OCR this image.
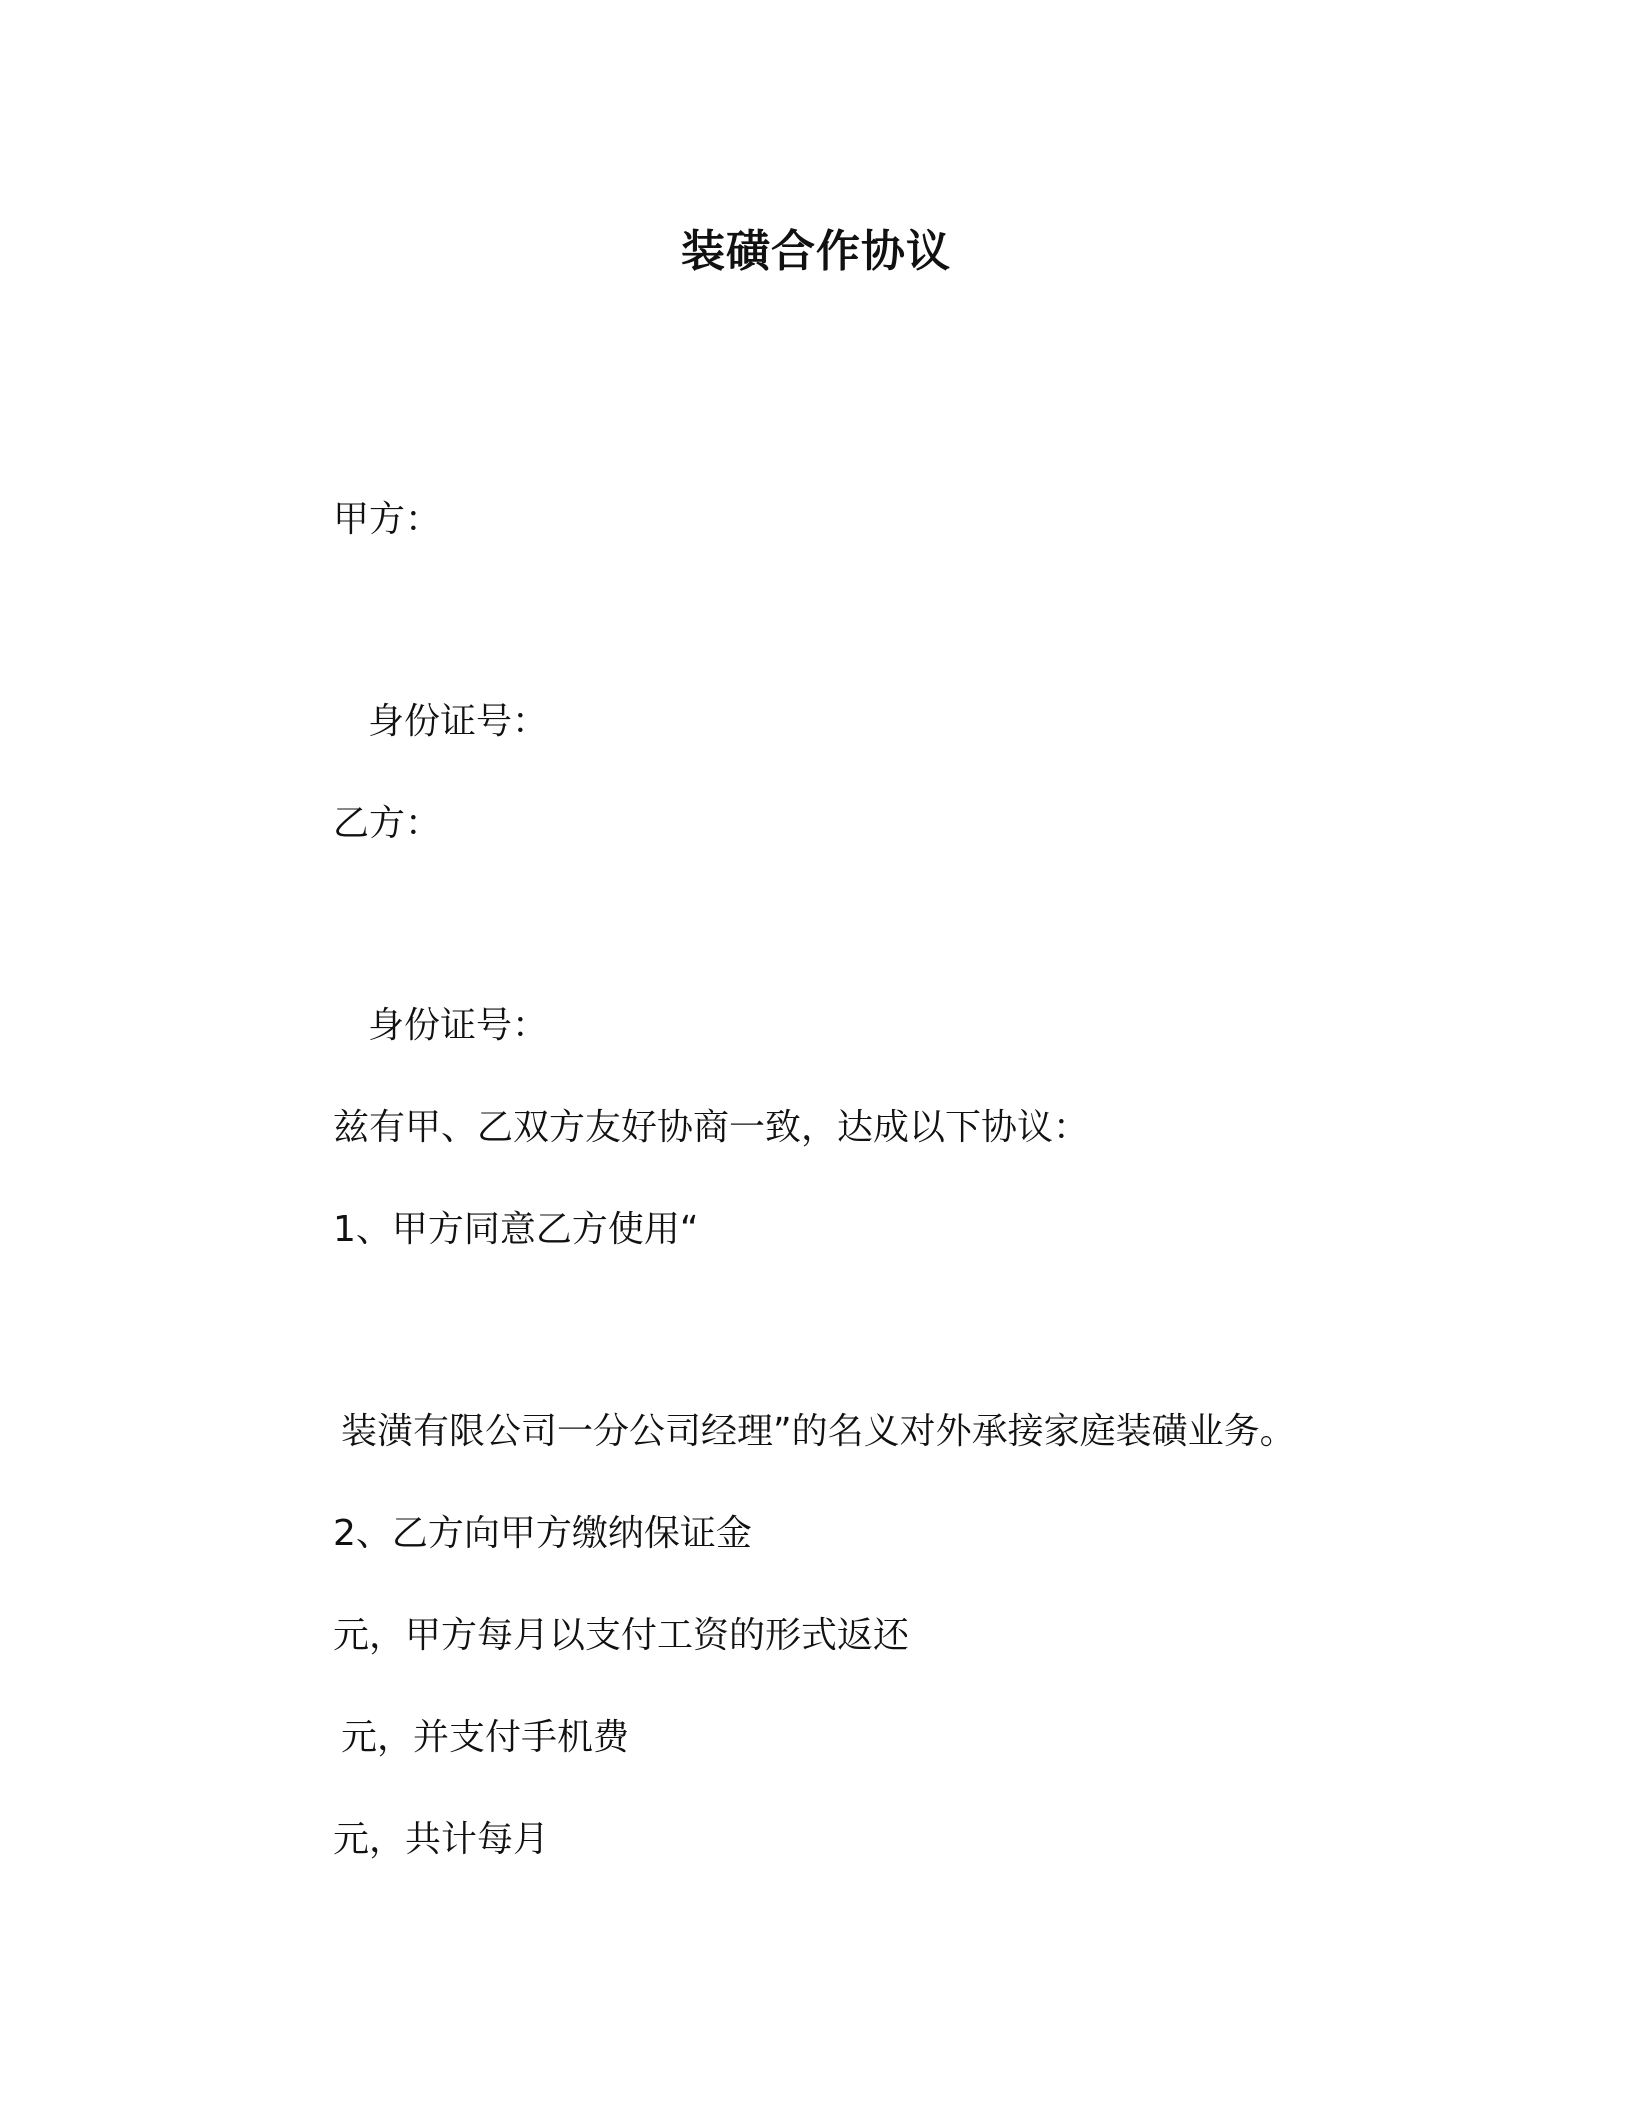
装磺合作协议
甲方：
身份证号：
乙方：
身份证号：
兹有甲、乙双方友好协商一致，达成以下协议：
1、甲方同意乙方使用“
装潢有限公司一分公司经理”的名义对外承接家庭装磺业务。
2、乙方向甲方缴纳保证金
元，甲方每月以支付工资的形式返还
元，并支付手机费
元，共计每月
